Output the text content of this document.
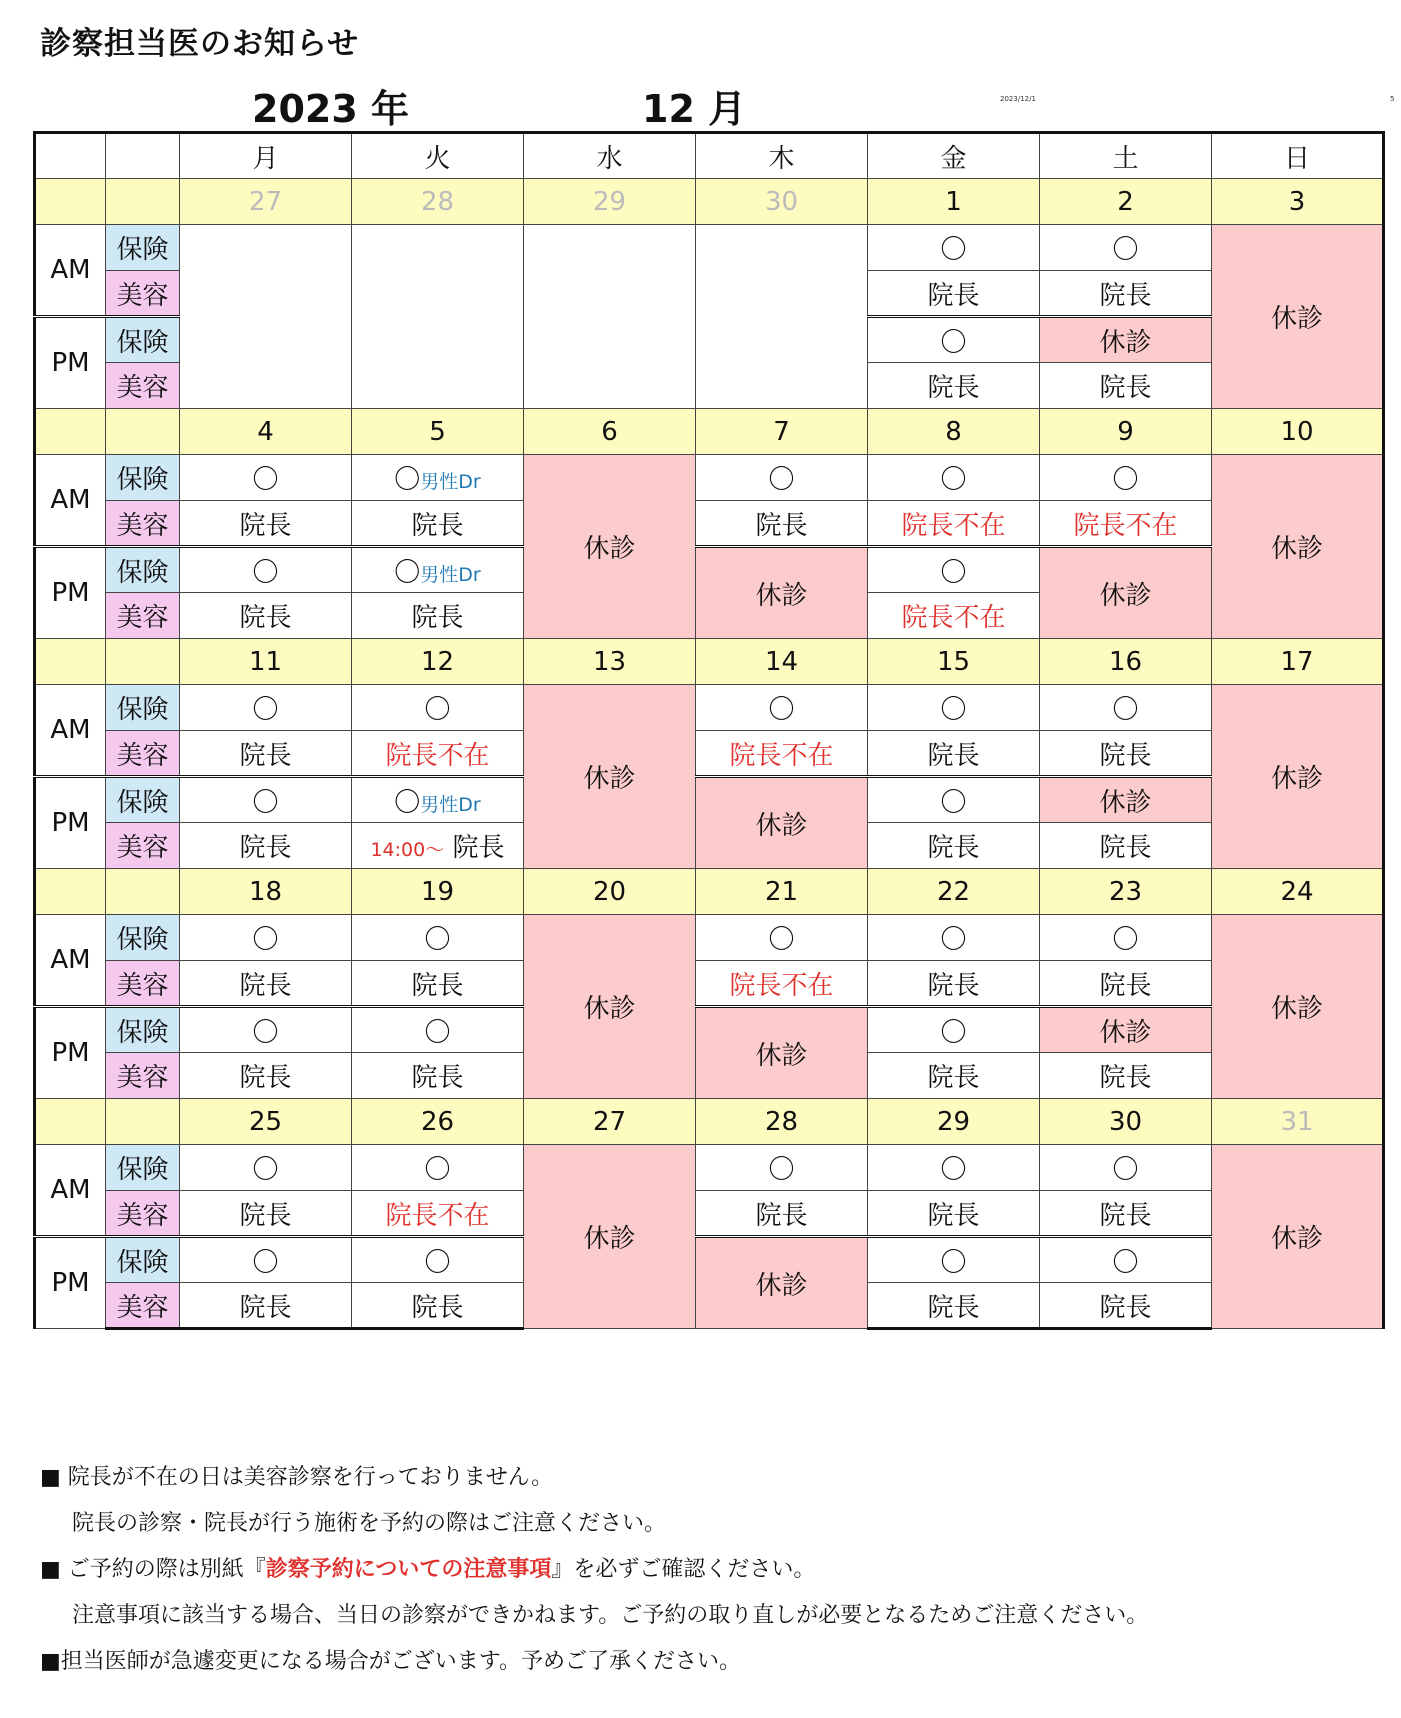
診察担当医のお知らせ
2023 年	12 月	2023/12/1	5
		月	火	水	木	金	土	日
		27	28	29	30	1	2	3
AM	保険					〇	〇	休診
	美容					院長	院長	
PM	保険					〇	休診	
	美容					院長	院長	
		4	5	6	7	8	9	10
AM	保険	〇	〇男性Dr	休診	〇	〇	〇	休診
	美容	院長	院長		院長	院長不在	院長不在	
PM	保険	〇	〇男性Dr		休診	〇	休診	
	美容	院長	院長			院長不在		
		11	12	13	14	15	16	17
AM	保険	〇	〇	休診	〇	〇	〇	休診
	美容	院長	院長不在		院長不在	院長	院長	
PM	保険	〇	〇男性Dr		休診	〇	休診	
	美容	院長	14:00～ 院長			院長	院長	
		18	19	20	21	22	23	24
AM	保険	〇	〇	休診	〇	〇	〇	休診
	美容	院長	院長		院長不在	院長	院長	
PM	保険	〇	〇		休診	〇	休診	
	美容	院長	院長			院長	院長	
		25	26	27	28	29	30	31
AM	保険	〇	〇	休診	〇	〇	〇	休診
	美容	院長	院長不在		院長	院長	院長	
PM	保険	〇	〇		休診	〇	〇	
	美容	院長	院長			院長	院長	

■ 院長が不在の日は美容診察を行っておりません。

院長の診察・院長が行う施術を予約の際はご注意ください。

■ ご予約の際は別紙『診察予約についての注意事項』を必ずご確認ください。

注意事項に該当する場合、当日の診察ができかねます。ご予約の取り直しが必要となるためご注意ください。

■担当医師が急遽変更になる場合がございます。予めご了承ください。
